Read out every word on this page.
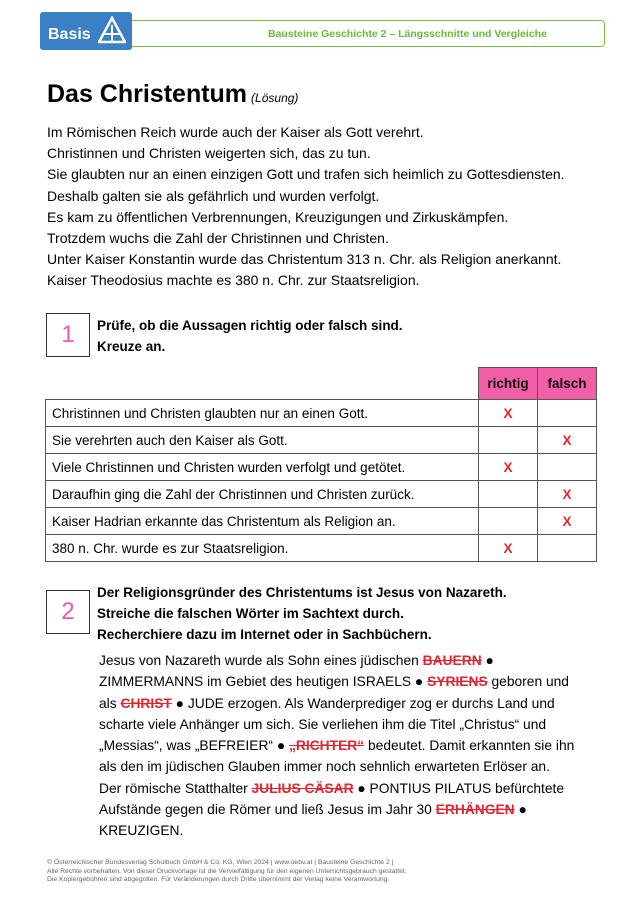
Basis	Bausteine Geschichte 2 – Längsschnitte und Vergleiche
Das Christentum (Lösung)
Im Römischen Reich wurde auch der Kaiser als Gott verehrt.
Christinnen und Christen weigerten sich, das zu tun.
Sie glaubten nur an einen einzigen Gott und trafen sich heimlich zu Gottesdiensten.
Deshalb galten sie als gefährlich und wurden verfolgt.
Es kam zu öffentlichen Verbrennungen, Kreuzigungen und Zirkuskämpfen.
Trotzdem wuchs die Zahl der Christinnen und Christen.
Unter Kaiser Konstantin wurde das Christentum 313 n. Chr. als Religion anerkannt.
Kaiser Theodosius machte es 380 n. Chr. zur Staatsreligion.
1	Prüfe, ob die Aussagen richtig oder falsch sind.
Kreuze an.
	richtig	falsch
Christinnen und Christen glaubten nur an einen Gott.	X	
Sie verehrten auch den Kaiser als Gott.		X
Viele Christinnen und Christen wurden verfolgt und getötet.	X	
Daraufhin ging die Zahl der Christinnen und Christen zurück.		X
Kaiser Hadrian erkannte das Christentum als Religion an.		X
380 n. Chr. wurde es zur Staatsreligion.	X	
2
Der Religionsgründer des Christentums ist Jesus von Nazareth.
Streiche die falschen Wörter im Sachtext durch.
Recherchiere dazu im Internet oder in Sachbüchern.
Jesus von Nazareth wurde als Sohn eines jüdischen BAUERN ●
ZIMMERMANNS im Gebiet des heutigen ISRAELS ● SYRIENS geboren und
als CHRIST ● JUDE erzogen. Als Wanderprediger zog er durchs Land und
scharte viele Anhänger um sich. Sie verliehen ihm die Titel „Christus“ und
„Messias“, was „BEFREIER“ ● „RICHTER“ bedeutet. Damit erkannten sie ihn
als den im jüdischen Glauben immer noch sehnlich erwarteten Erlöser an.
Der römische Statthalter JULIUS CÄSAR ● PONTIUS PILATUS befürchtete
Aufstände gegen die Römer und ließ Jesus im Jahr 30 ERHÄNGEN ●
KREUZIGEN.
© Österreichischer Bundesverlag Schulbuch GmbH & Co. KG, Wien 2024 | www.oebv.at | Bausteine Geschichte 2 |
Alle Rechte vorbehalten. Von dieser Druckvorlage ist die Vervielfältigung für den eigenen Unterrichtsgebrauch gestattet.
Die Kopiergebühren sind abgegolten. Für Veränderungen durch Dritte übernimmt der Verlag keine Verantwortung.
